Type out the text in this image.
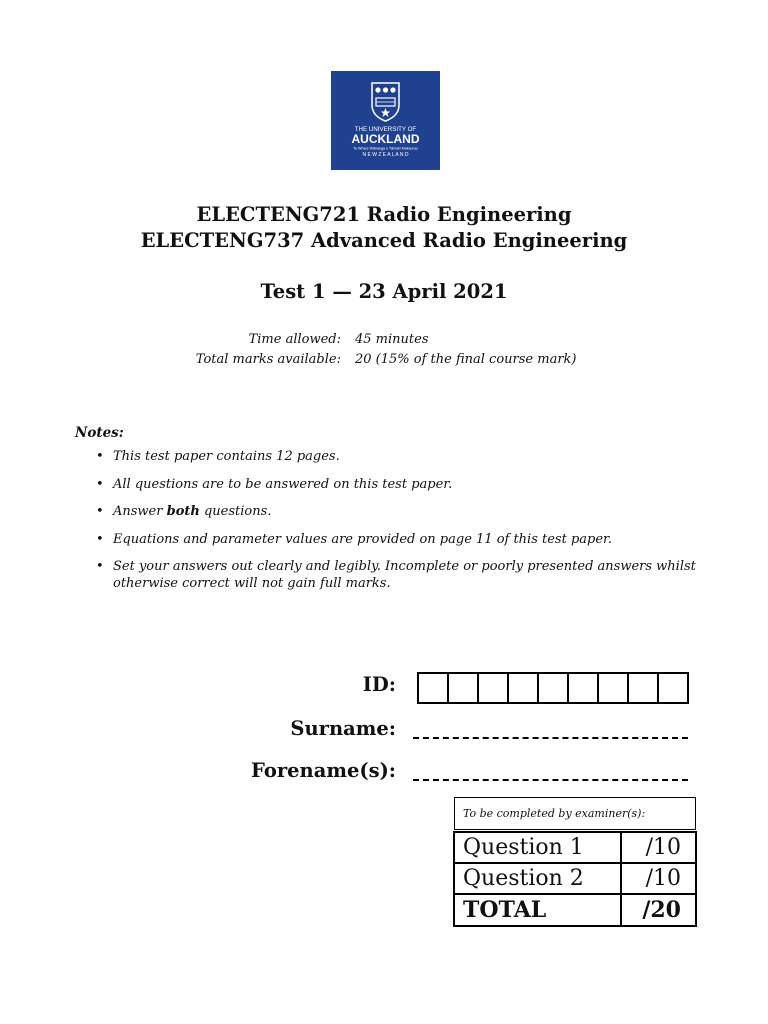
THE UNIVERSITY OF
AUCKLAND
Te Whare Wānanga o Tāmaki Makaurau
N E W Z E A L A N D
ELECTENG721 Radio Engineering
ELECTENG737 Advanced Radio Engineering
Test 1 — 23 April 2021
Time allowed: 45 minutes
Total marks available: 20 (15% of the final course mark)
Notes:
• This test paper contains 12 pages.
• All questions are to be answered on this test paper.
• Answer both questions.
• Equations and parameter values are provided on page 11 of this test paper.
• Set your answers out clearly and legibly. Incomplete or poorly presented answers whilst otherwise correct will not gain full marks.
ID:
Surname:
Forename(s):
To be completed by examiner(s):
Question 1	/10
Question 2	/10
TOTAL	/20
